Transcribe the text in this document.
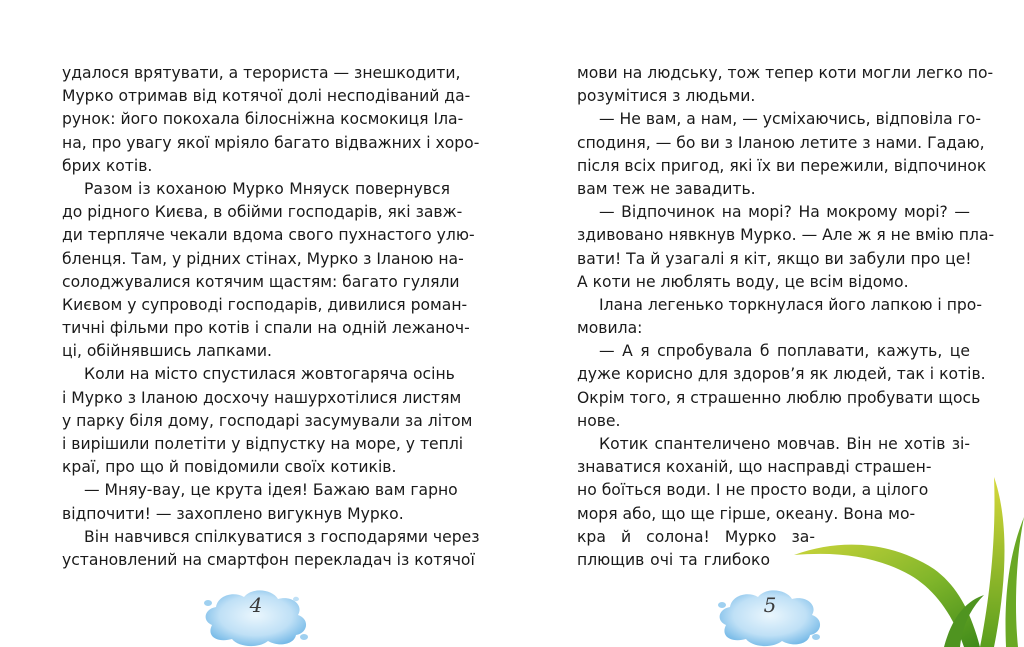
удалося врятувати, а терориста — знешкодити,
Мурко отримав від котячої долі несподіваний да-
рунок: його покохала білосніжна космокиця Іла-
на, про увагу якої мріяло багато відважних і хоро-
брих котів.
Разом із коханою Мурко Мняуск повернувся
до рідного Києва, в обійми господарів, які завж-
ди терпляче чекали вдома свого пухнастого улю-
бленця. Там, у рідних стінах, Мурко з Іланою на-
солоджувалися котячим щастям: багато гуляли
Києвом у супроводі господарів, дивилися роман-
тичні фільми про котів і спали на одній лежаноч-
ці, обійнявшись лапками.
Коли на місто спустилася жовтогаряча осінь
і Мурко з Іланою досхочу нашурхотілися листям
у парку біля дому, господарі засумували за літом
і вирішили полетіти у відпустку на море, у теплі
краї, про що й повідомили своїх котиків.
— Мняу-вау, це крута ідея! Бажаю вам гарно
відпочити! — захоплено вигукнув Мурко.
Він навчився спілкуватися з господарями через
установлений на смартфон перекладач із котячої
4
мови на людську, тож тепер коти могли легко по-
розумітися з людьми.
— Не вам, а нам, — усміхаючись, відповіла го-
сподиня, — бо ви з Іланою летите з нами. Гадаю,
після всіх пригод, які їх ви пережили, відпочинок
вам теж не завадить.
— Відпочинок на морі? На мокрому морі? —
здивовано нявкнув Мурко. — Але ж я не вмію пла-
вати! Та й узагалі я кіт, якщо ви забули про це!
А коти не люблять воду, це всім відомо.
Ілана легенько торкнулася його лапкою і про-
мовила:
— А я спробувала б поплавати, кажуть, це
дуже корисно для здоров’я як людей, так і котів.
Окрім того, я страшенно люблю пробувати щось
нове.
Котик спантеличено мовчав. Він не хотів зі-
знаватися коханій, що насправді страшен-
но боїться води. І не просто води, а цілого
моря або, що ще гірше, океану. Вона мо-
кра й солона! Мурко за-
плющив очі та глибоко
5
